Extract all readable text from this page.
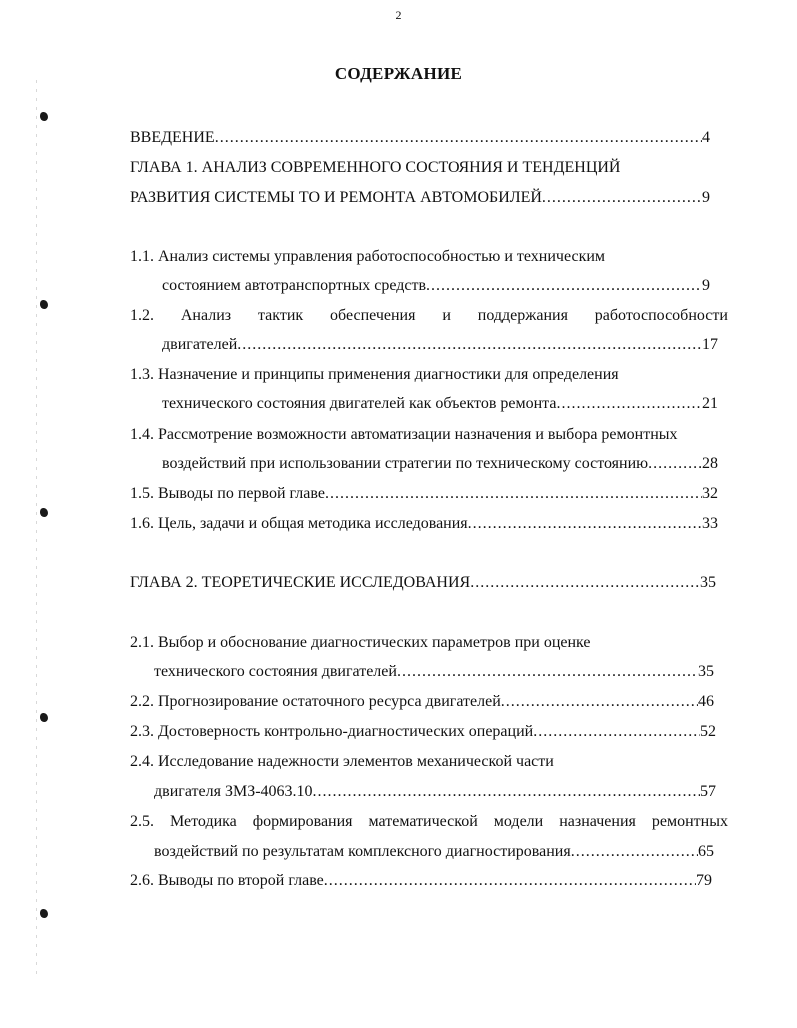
2
СОДЕРЖАНИЕ
ВВЕДЕНИЕ .....	4
ГЛАВА 1. АНАЛИЗ СОВРЕМЕННОГО СОСТОЯНИЯ И ТЕНДЕНЦИЙ
РАЗВИТИЯ СИСТЕМЫ ТО И РЕМОНТА АВТОМОБИЛЕЙ .....	9
1.1. Анализ системы управления работоспособностью и техническим
состоянием автотранспортных средств .....	9
1.2. Анализ тактик обеспечения и поддержания работоспособности
двигателей .....	17
1.3. Назначение и принципы применения диагностики для определения
технического состояния двигателей как объектов ремонта .....	21
1.4. Рассмотрение возможности автоматизации назначения и выбора ремонтных
воздействий при использовании стратегии по техническому состоянию .....	28
1.5. Выводы по первой главе .....	32
1.6. Цель, задачи и общая методика исследования .....	33
ГЛАВА 2. ТЕОРЕТИЧЕСКИЕ ИССЛЕДОВАНИЯ .....	35
2.1. Выбор и обоснование диагностических параметров при оценке
технического состояния двигателей .....	35
2.2. Прогнозирование остаточного ресурса двигателей .....	46
2.3. Достоверность контрольно-диагностических операций .....	52
2.4. Исследование надежности элементов механической части
двигателя ЗМЗ-4063.10 .....	57
2.5. Методика формирования математической модели назначения ремонтных
воздействий по результатам комплексного диагностирования .....	65
2.6. Выводы по второй главе .....	79
